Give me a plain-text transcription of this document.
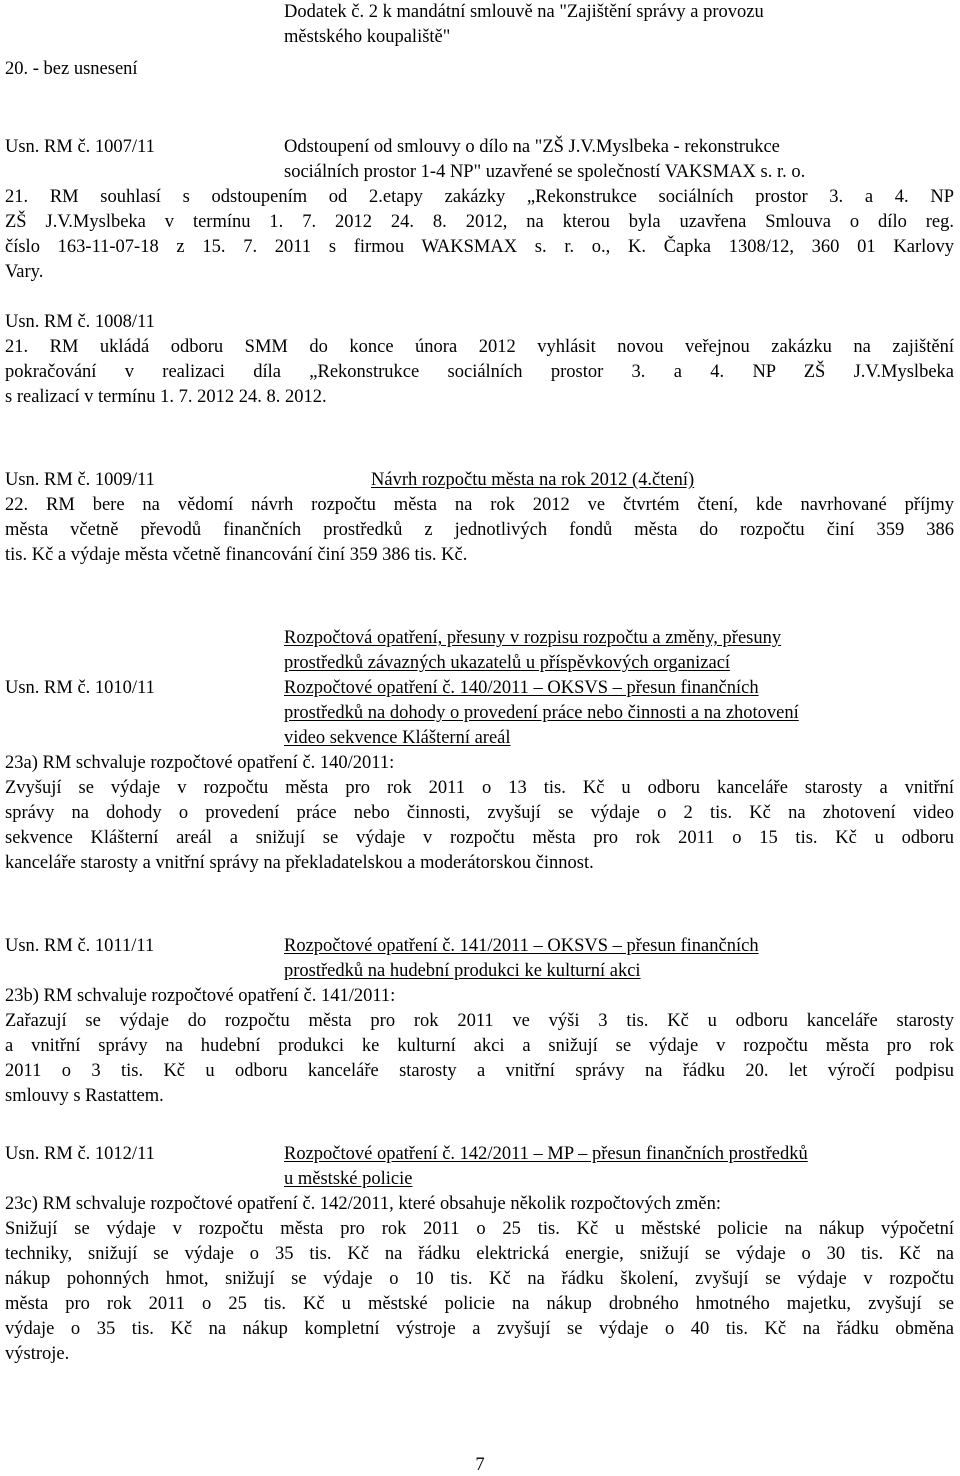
Dodatek č. 2 k mandátní smlouvě na "Zajištění správy a provozu
městského koupaliště"
20. - bez usnesení
Usn. RM č. 1007/11	Odstoupení od smlouvy o dílo na "ZŠ J.V.Myslbeka - rekonstrukce
sociálních prostor 1-4 NP" uzavřené se společností VAKSMAX s. r. o.
21. RM souhlasí s odstoupením od 2.etapy zakázky „Rekonstrukce sociálních prostor 3. a 4. NP
ZŠ J.V.Myslbeka v termínu 1. 7. 2012 24. 8. 2012, na kterou byla uzavřena Smlouva o dílo reg.
číslo 163-11-07-18 z 15. 7. 2011 s firmou WAKSMAX s. r. o., K. Čapka 1308/12, 360 01 Karlovy
Vary.
Usn. RM č. 1008/11
21. RM ukládá odboru SMM do konce února 2012 vyhlásit novou veřejnou zakázku na zajištění
pokračování v realizaci díla „Rekonstrukce sociálních prostor 3. a 4. NP ZŠ J.V.Myslbeka
s realizací v termínu 1. 7. 2012 24. 8. 2012.
Usn. RM č. 1009/11	Návrh rozpočtu města na rok 2012 (4.čtení)
22. RM bere na vědomí návrh rozpočtu města na rok 2012 ve čtvrtém čtení, kde navrhované příjmy
města včetně převodů finančních prostředků z jednotlivých fondů města do rozpočtu činí 359 386
tis. Kč a výdaje města včetně financování činí 359 386 tis. Kč.
Rozpočtová opatření, přesuny v rozpisu rozpočtu a změny, přesuny
prostředků závazných ukazatelů u příspěvkových organizací
Usn. RM č. 1010/11	Rozpočtové opatření č. 140/2011 – OKSVS – přesun finančních
prostředků na dohody o provedení práce nebo činnosti a na zhotovení
video sekvence Klášterní areál
23a) RM schvaluje rozpočtové opatření č. 140/2011:
Zvyšují se výdaje v rozpočtu města pro rok 2011 o 13 tis. Kč u odboru kanceláře starosty a vnitřní
správy na dohody o provedení práce nebo činnosti, zvyšují se výdaje o 2 tis. Kč na zhotovení video
sekvence Klášterní areál a snižují se výdaje v rozpočtu města pro rok 2011 o 15 tis. Kč u odboru
kanceláře starosty a vnitřní správy na překladatelskou a moderátorskou činnost.
Usn. RM č. 1011/11	Rozpočtové opatření č. 141/2011 – OKSVS – přesun finančních
prostředků na hudební produkci ke kulturní akci
23b) RM schvaluje rozpočtové opatření č. 141/2011:
Zařazují se výdaje do rozpočtu města pro rok 2011 ve výši 3 tis. Kč u odboru kanceláře starosty
a vnitřní správy na hudební produkci ke kulturní akci a snižují se výdaje v rozpočtu města pro rok
2011 o 3 tis. Kč u odboru kanceláře starosty a vnitřní správy na řádku 20. let výročí podpisu
smlouvy s Rastattem.
Usn. RM č. 1012/11	Rozpočtové opatření č. 142/2011 – MP – přesun finančních prostředků
u městské policie
23c) RM schvaluje rozpočtové opatření č. 142/2011, které obsahuje několik rozpočtových změn:
Snižují se výdaje v rozpočtu města pro rok 2011 o 25 tis. Kč u městské policie na nákup výpočetní
techniky, snižují se výdaje o 35 tis. Kč na řádku elektrická energie, snižují se výdaje o 30 tis. Kč na
nákup pohonných hmot, snižují se výdaje o 10 tis. Kč na řádku školení, zvyšují se výdaje v rozpočtu
města pro rok 2011 o 25 tis. Kč u městské policie na nákup drobného hmotného majetku, zvyšují se
výdaje o 35 tis. Kč na nákup kompletní výstroje a zvyšují se výdaje o 40 tis. Kč na řádku obměna
výstroje.
7
